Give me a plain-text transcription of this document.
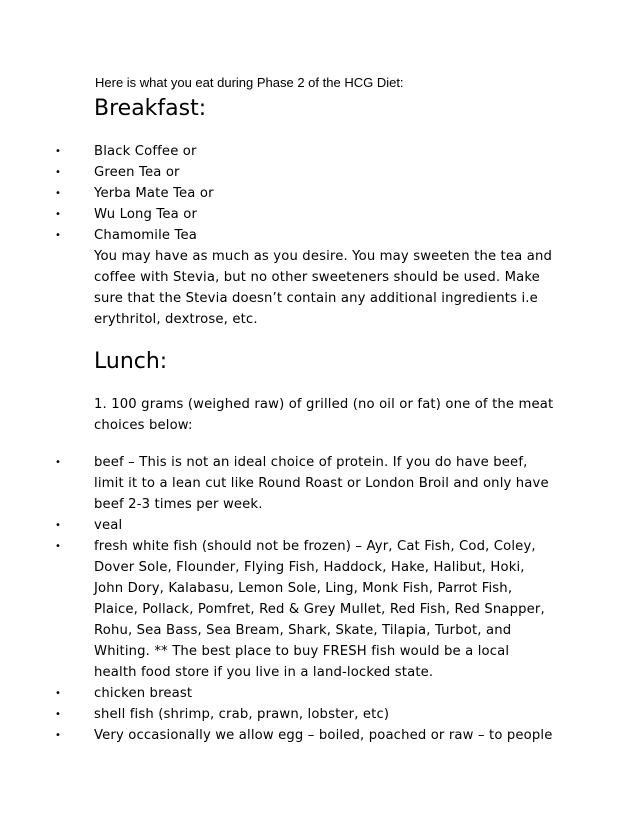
Here is what you eat during Phase 2 of the HCG Diet:
Breakfast:
• Black Coffee or
• Green Tea or
• Yerba Mate Tea or
• Wu Long Tea or
• Chamomile Tea

You may have as much as you desire. You may sweeten the tea and coffee with Stevia, but no other sweeteners should be used. Make sure that the Stevia doesn’t contain any additional ingredients i.e erythritol, dextrose, etc.

Lunch:

1. 100 grams (weighed raw) of grilled (no oil or fat) one of the meat choices below:

• beef – This is not an ideal choice of protein. If you do have beef, limit it to a lean cut like Round Roast or London Broil and only have beef 2-3 times per week.
• veal
• fresh white fish (should not be frozen) – Ayr, Cat Fish, Cod, Coley, Dover Sole, Flounder, Flying Fish, Haddock, Hake, Halibut, Hoki, John Dory, Kalabasu, Lemon Sole, Ling, Monk Fish, Parrot Fish, Plaice, Pollack, Pomfret, Red & Grey Mullet, Red Fish, Red Snapper, Rohu, Sea Bass, Sea Bream, Shark, Skate, Tilapia, Turbot, and Whiting. ** The best place to buy FRESH fish would be a local health food store if you live in a land-locked state.
• chicken breast
• shell fish (shrimp, crab, prawn, lobster, etc)
• Very occasionally we allow egg – boiled, poached or raw – to people
